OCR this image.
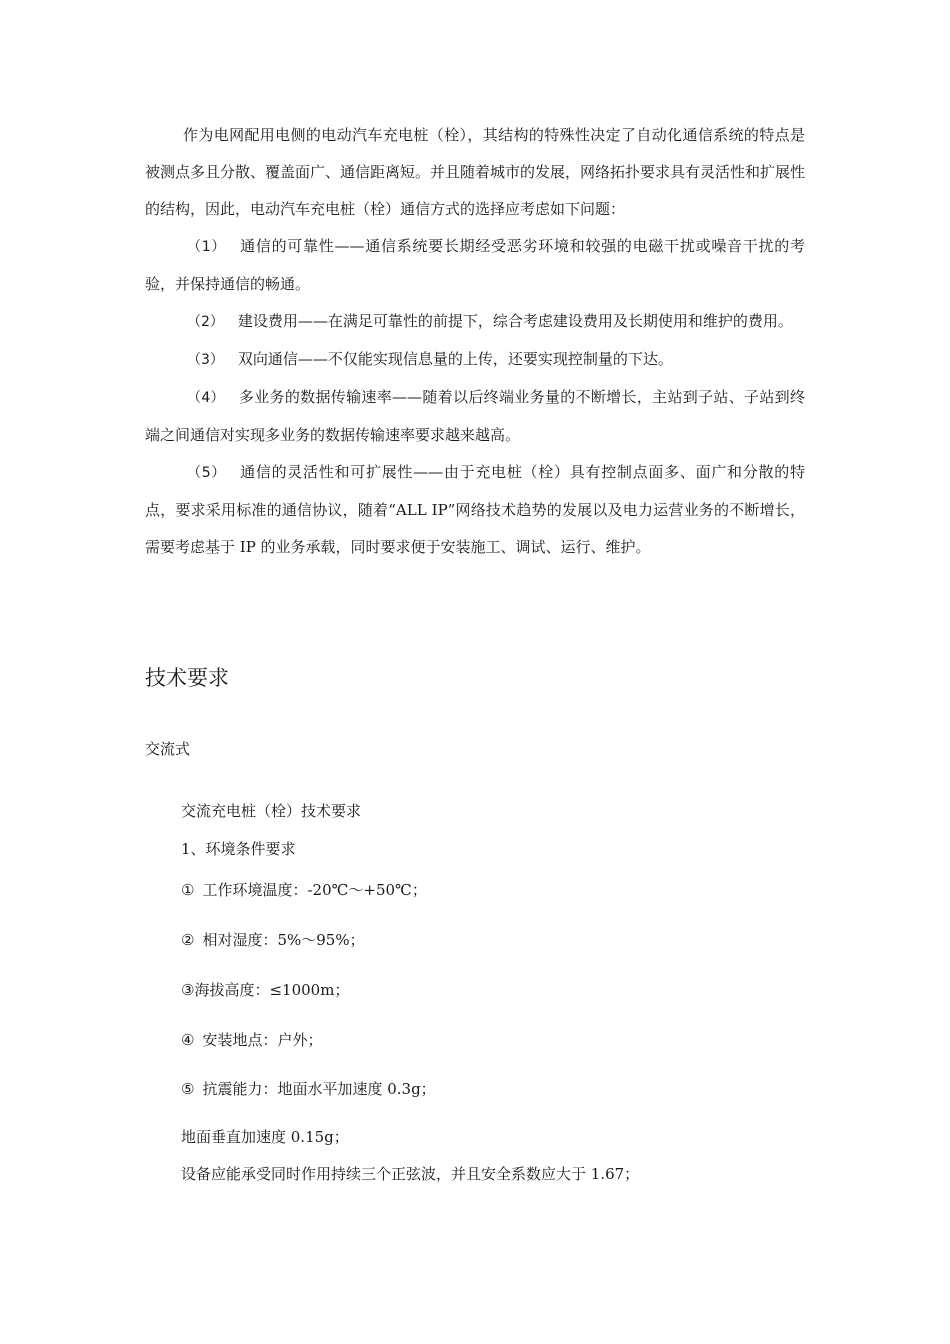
作为电网配用电侧的电动汽车充电桩（栓），其结构的特殊性决定了自动化通信系统的特点是被测点多且分散、覆盖面广、通信距离短。并且随着城市的发展，网络拓扑要求具有灵活性和扩展性的结构，因此，电动汽车充电桩（栓）通信方式的选择应考虑如下问题：

（1） 通信的可靠性——通信系统要长期经受恶劣环境和较强的电磁干扰或噪音干扰的考验，并保持通信的畅通。

（2） 建设费用——在满足可靠性的前提下，综合考虑建设费用及长期使用和维护的费用。

（3） 双向通信——不仅能实现信息量的上传，还要实现控制量的下达。

（4） 多业务的数据传输速率——随着以后终端业务量的不断增长，主站到子站、子站到终端之间通信对实现多业务的数据传输速率要求越来越高。

（5） 通信的灵活性和可扩展性——由于充电桩（栓）具有控制点面多、面广和分散的特点，要求采用标准的通信协议，随着“ALL IP”网络技术趋势的发展以及电力运营业务的不断增长，需要考虑基于 IP 的业务承载，同时要求便于安装施工、调试、运行、维护。

技术要求

交流式

交流充电桩（栓）技术要求

1、环境条件要求

① 工作环境温度：-20℃～+50℃；

② 相对湿度：5%～95%；

③海拔高度：≤1000m；

④ 安装地点：户外；

⑤ 抗震能力：地面水平加速度 0.3g；

地面垂直加速度 0.15g；

设备应能承受同时作用持续三个正弦波，并且安全系数应大于 1.67；
